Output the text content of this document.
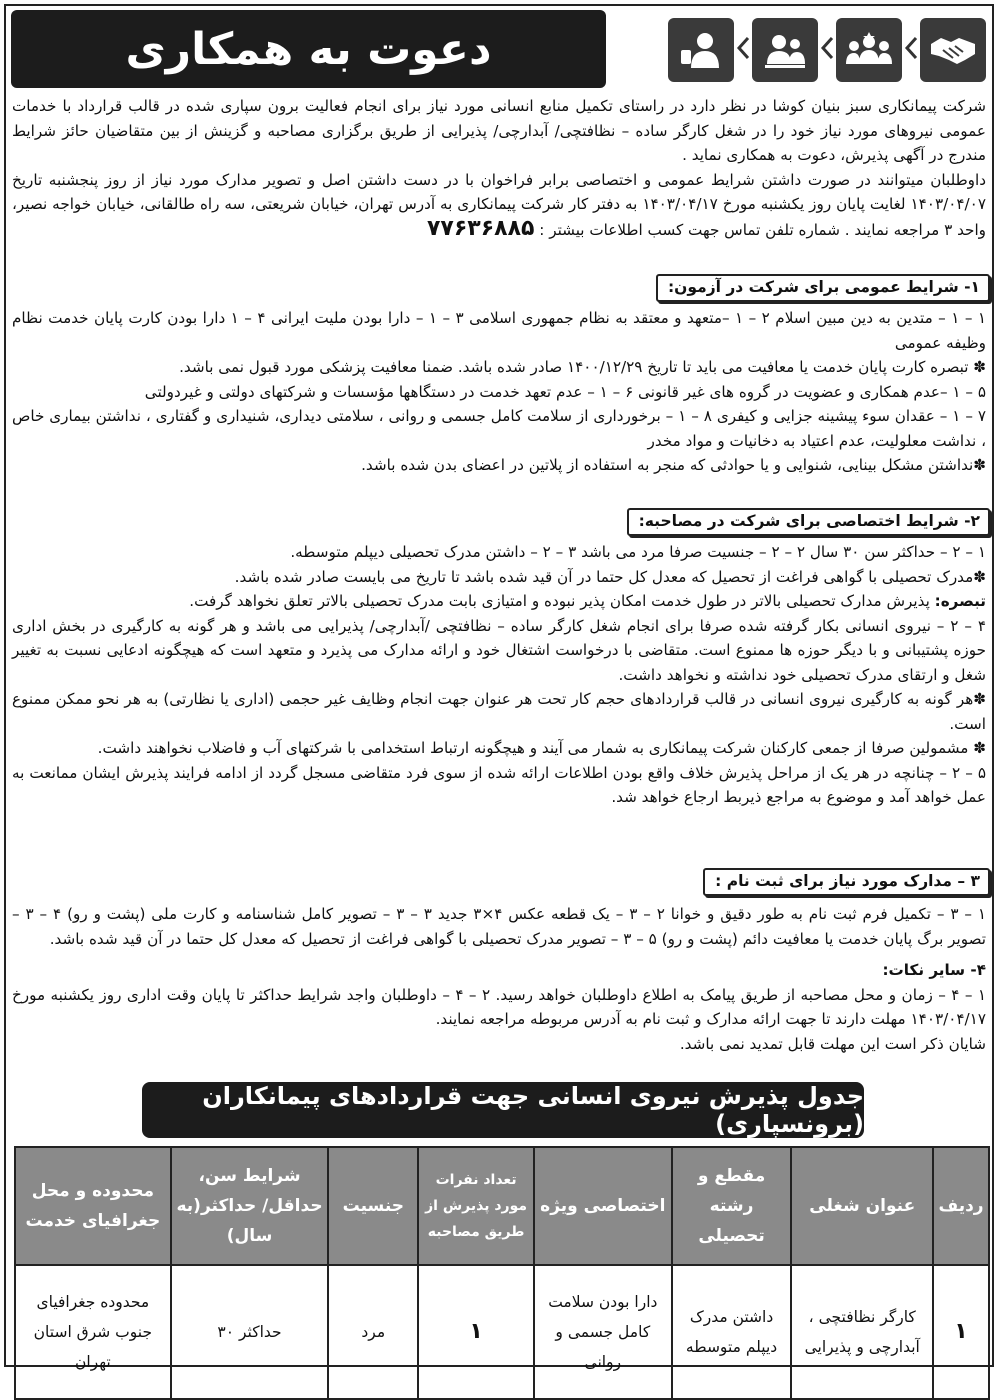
دعوت به همکاری

شرکت پیمانکاری سبز بنیان کوشا در نظر دارد در راستای تکمیل منابع انسانی مورد نیاز برای انجام فعالیت برون سپاری شده در قالب قرارداد با خدمات عمومی نیروهای مورد نیاز خود را در شغل کارگر ساده – نظافتچی/ آبدارچی/ پذیرایی از طریق برگزاری مصاحبه و گزینش از بین متقاضیان حائز شرایط مندرج در آگهی پذیرش، دعوت به همکاری نماید .

داوطلبان میتوانند در صورت داشتن شرایط عمومی و اختصاصی برابر فراخوان با در دست داشتن اصل و تصویر مدارک مورد نیاز از روز پنجشنبه تاریخ ۱۴۰۳/۰۴/۰۷ لغایت پایان روز یکشنبه مورخ ۱۴۰۳/۰۴/۱۷ به دفتر کار شرکت پیمانکاری به آدرس تهران، خیابان شریعتی، سه راه طالقانی، خیابان خواجه نصیر، واحد ۳ مراجعه نمایند . شماره تلفن تماس جهت کسب اطلاعات بیشتر : ۷۷۶۳۶۸۸۵

۱- شرایط عمومی برای شرکت در آزمون:

۱ – ۱ – متدین به دین مبین اسلام ۲ – ۱ –متعهد و معتقد به نظام جمهوری اسلامی ۳ – ۱ – دارا بودن ملیت ایرانی ۴ – ۱ دارا بودن کارت پایان خدمت نظام وظیفه عمومی

✽ تبصره کارت پایان خدمت یا معافیت می باید تا تاریخ ۱۴۰۰/۱۲/۲۹ صادر شده باشد. ضمنا معافیت پزشکی مورد قبول نمی باشد.

۵ – ۱ –عدم همکاری و عضویت در گروه های غیر قانونی ۶ – ۱ – عدم تعهد خدمت در دستگاهها مؤسسات و شرکتهای دولتی و غیردولتی

۷ – ۱ – عقدان سوء پیشینه جزایی و کیفری ۸ – ۱ – برخورداری از سلامت کامل جسمی و روانی ، سلامتی دیداری، شنیداری و گفتاری ، نداشتن بیماری خاص ، نداشت معلولیت، عدم اعتیاد به دخانیات و مواد مخدر

✽نداشتن مشکل بینایی، شنوایی و یا حوادثی که منجر به استفاده از پلاتین در اعضای بدن شده باشد.

۲- شرایط اختصاصی برای شرکت در مصاحبه:

۱ – ۲ – حداکثر سن ۳۰ سال ۲ – ۲ – جنسیت صرفا مرد می باشد ۳ – ۲ – داشتن مدرک تحصیلی دیپلم متوسطه.

✽مدرک تحصیلی با گواهی فراغت از تحصیل که معدل کل حتما در آن قید شده باشد تا تاریخ می بایست صادر شده باشد.

تبصره: پذیرش مدارک تحصیلی بالاتر در طول خدمت امکان پذیر نبوده و امتیازی بابت مدرک تحصیلی بالاتر تعلق نخواهد گرفت.

۴ – ۲ – نیروی انسانی بکار گرفته شده صرفا برای انجام شغل کارگر ساده – نظافتچی /آبدارچی/ پذیرایی می باشد و هر گونه به کارگیری در بخش اداری حوزه پشتیبانی و با دیگر حوزه ها ممنوع است. متقاضی با درخواست اشتغال خود و ارائه مدارک می پذیرد و متعهد است که هیچگونه ادعایی نسبت به تغییر شغل و ارتقای مدرک تحصیلی خود نداشته و نخواهد داشت.

✽هر گونه به کارگیری نیروی انسانی در قالب قراردادهای حجم کار تحت هر عنوان جهت انجام وظایف غیر حجمی (اداری یا نظارتی) به هر نحو ممکن ممنوع است.

✽ مشمولین صرفا از جمعی کارکنان شرکت پیمانکاری به شمار می آیند و هیچگونه ارتباط استخدامی با شرکتهای آب و فاضلاب نخواهند داشت.

۵ – ۲ – چنانچه در هر یک از مراحل پذیرش خلاف واقع بودن اطلاعات ارائه شده از سوی فرد متقاضی مسجل گردد از ادامه فرایند پذیرش ایشان ممانعت به عمل خواهد آمد و موضوع به مراجع ذیربط ارجاع خواهد شد.

۳ – مدارک مورد نیاز برای ثبت نام :

۱ – ۳ – تکمیل فرم ثبت نام به طور دقیق و خوانا ۲ – ۳ – یک قطعه عکس ۴×۳ جدید ۳ – ۳ – تصویر کامل شناسنامه و کارت ملی (پشت و رو) ۴ – ۳ – تصویر برگ پایان خدمت یا معافیت دائم (پشت و رو) ۵ – ۳ – تصویر مدرک تحصیلی با گواهی فراغت از تحصیل که معدل کل حتما در آن قید شده باشد.

۴- سایر نکات:

۱ – ۴ – زمان و محل مصاحبه از طریق پیامک به اطلاع داوطلبان خواهد رسید. ۲ – ۴ – داوطلبان واجد شرایط حداکثر تا پایان وقت اداری روز یکشنبه مورخ ۱۴۰۳/۰۴/۱۷ مهلت دارند تا جهت ارائه مدارک و ثبت نام به آدرس مربوطه مراجعه نمایند.

شایان ذکر است این مهلت قابل تمدید نمی باشد.

جدول پذیرش نیروی انسانی جهت قراردادهای پیمانکاران (برونسپاری)
ردیف	عنوان شغلی	مقطع و رشته تحصیلی	اختصاصی ویژه	تعداد نفرات مورد پذیرش از طریق مصاحبه	جنسیت	شرایط سن، حداقل/ حداکثر(به سال)	محدوده و محل جغرافیای خدمت
۱	کارگر نظافتچی ، آبدارچی و پذیرایی	داشتن مدرک دیپلم متوسطه	دارا بودن سلامت کامل جسمی و روانی	۱	مرد	حداکثر ۳۰	محدوده جغرافیای جنوب شرق استان تهران
